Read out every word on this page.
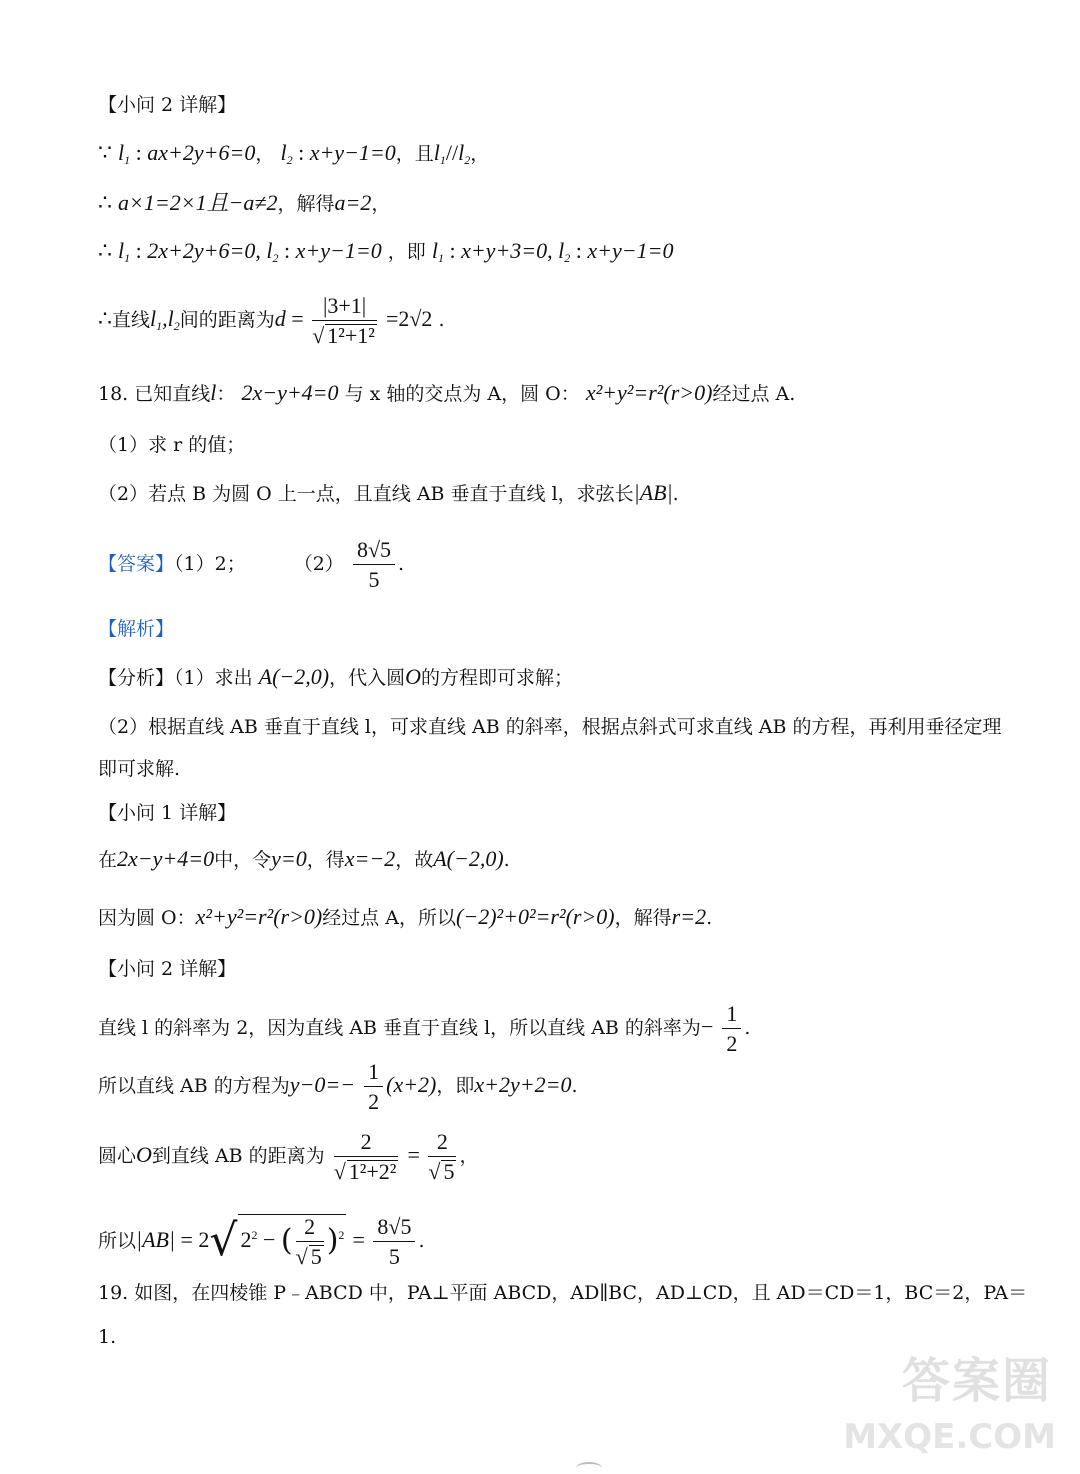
【小问 2 详解】
∵ $l_1$ : ax+2y+6=0， $l_2$ : x+y−1=0，且$l_1//l_2$，
∴ a×1=2×1且−a≠2，解得a=2，
∴ $l_1$ : 2x+2y+6=0, $l_2$ : x+y−1=0 ，即 $l_1$ : x+y+3=0, $l_2$ : x+y−1=0
∴直线$l_1,l_2$间的距离为$d = \frac{|3+1|}{\text{√ 1²+1²}} =2√2$ .
18. 已知直线l： 2x−y+4=0 与 x 轴的交点为 A，圆 O： x²+y²=r²(r>0)经过点 A.
（1）求 r 的值；
（2）若点 B 为圆 O 上一点，且直线 AB 垂直于直线 l，求弦长|AB|.
【答案】（1）2；	$(2) \frac{8√5}{5}$ .
【解析】
【分析】（1）求出 A(−2,0)，代入圆O的方程即可求解；
（2）根据直线 AB 垂直于直线 l，可求直线 AB 的斜率，根据点斜式可求直线 AB 的方程，再利用垂径定理
即可求解.
【小问 1 详解】
在2x−y+4=0中，令y=0，得x=−2，故A(−2,0).
因为圆 O：x²+y²=r²(r>0)经过点 A，所以(−2)²+0²=r²(r>0)，解得r=2.
【小问 2 详解】
直线 l 的斜率为 2，因为直线 AB 垂直于直线 l，所以直线 AB 的斜率为− $\frac{1}{2}$ .
所以直线 AB 的方程为$y-0=- \frac{1}{2} (x+2)$，即x+2y+2=0.
圆心O到直线 AB 的距离为 $\frac{2}{\text{√ 1²+2²}} = \frac{2}{√ 5}$ ，
所以|AB| = 2√ $2^2$ − ( $\frac{2}{√ 5} )^2 = \frac{8√5}{5}$ .
19. 如图，在四棱锥 P﹣ABCD 中，PA⊥平面 ABCD，AD∥BC，AD⊥CD，且 AD＝CD＝1，BC＝2，PA＝
1.
答案圈
MXQE.COM
